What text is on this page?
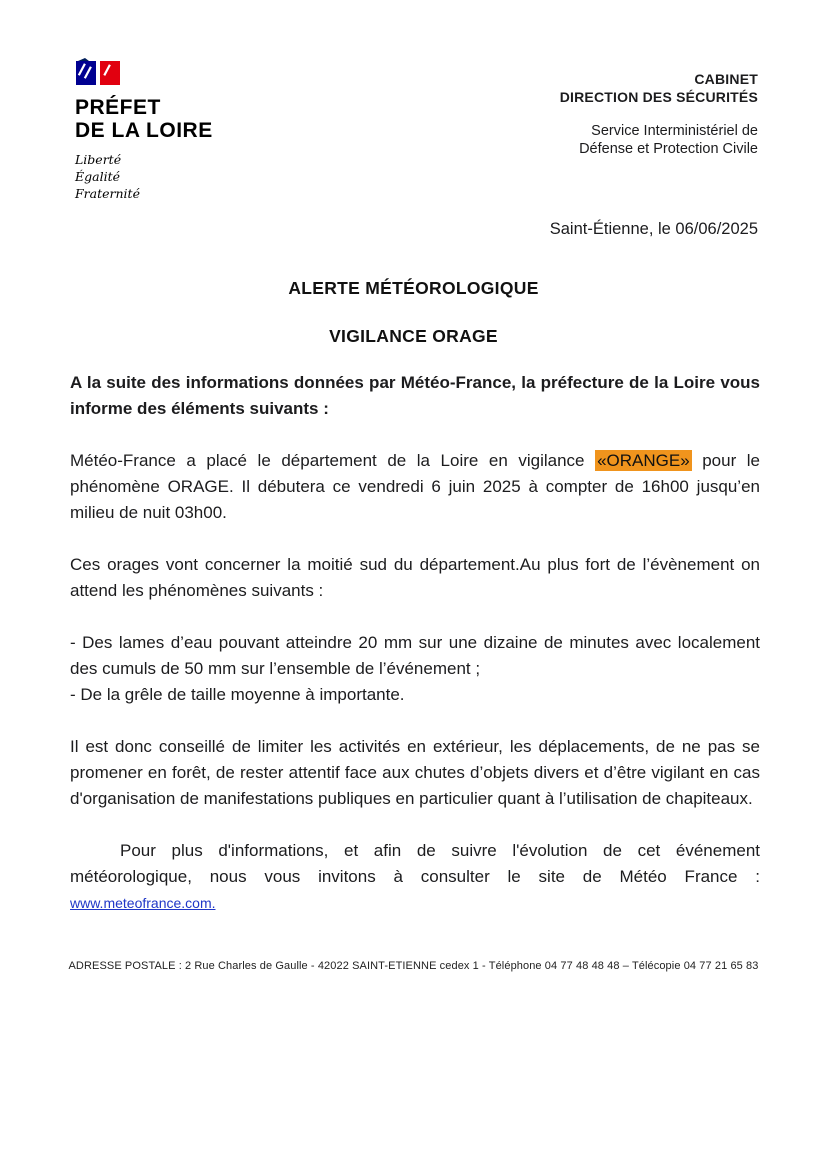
PRÉFET
DE LA LOIRE
Liberté
Égalité
Fraternité
CABINET
DIRECTION DES SÉCURITÉS
Service Interministériel de
Défense et Protection Civile
Saint-Étienne, le 06/06/2025
ALERTE MÉTÉOROLOGIQUE
VIGILANCE ORAGE

A la suite des informations données par Météo-France, la préfecture de la Loire vous informe des éléments suivants :

Météo-France a placé le département de la Loire en vigilance «ORANGE» pour le phénomène ORAGE. Il débutera ce vendredi 6 juin 2025 à compter de 16h00 jusqu’en milieu de nuit 03h00.

Ces orages vont concerner la moitié sud du département.Au plus fort de l’évènement on attend les phénomènes suivants :

- Des lames d’eau pouvant atteindre 20 mm sur une dizaine de minutes avec localement des cumuls de 50 mm sur l’ensemble de l’événement ;

- De la grêle de taille moyenne à importante.

Il est donc conseillé de limiter les activités en extérieur, les déplacements, de ne pas se promener en forêt, de rester attentif face aux chutes d’objets divers et d’être vigilant en cas d'organisation de manifestations publiques en particulier quant à l’utilisation de chapiteaux.

Pour plus d'informations, et afin de suivre l'évolution de cet événement météorologique, nous vous invitons à consulter le site de Météo France : www.meteofrance.com.

ADRESSE POSTALE : 2 Rue Charles de Gaulle - 42022 SAINT-ETIENNE cedex 1 - Téléphone 04 77 48 48 48 – Télécopie 04 77 21 65 83
